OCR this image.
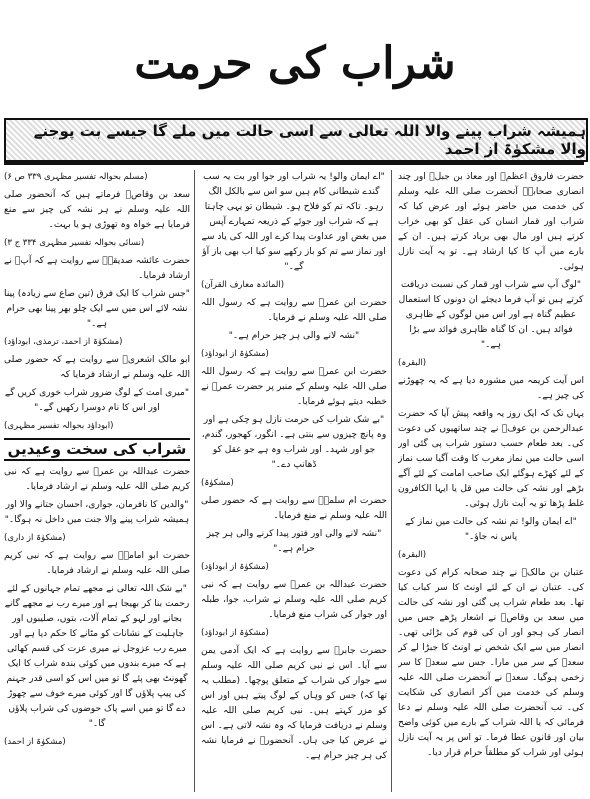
شراب کی حرمت
ہمیشہ شراب پینے والا اللہ تعالی سے اسی حالت میں ملے گا جیسے بت پوجنے والا مشکوٰۃ از احمد

حضرت فاروق اعظمؓ اور معاذ بن جبلؓ اور چند انصاری صحابہؓ آنحضرت صلی اللہ علیہ وسلم کی خدمت میں حاضر ہوئے اور عرض کیا کہ شراب اور قمار انسان کی عقل کو بھی خراب کرتے ہیں اور مال بھی برباد کرتے ہیں۔ ان کے بارے میں آپ کا کیا ارشاد ہے۔ تو یہ آیت نازل ہوئی۔

"لوگ آپ سے شراب اور قمار کی نسبت دریافت کرتے ہیں تو آپ فرما دیجئے ان دونوں کا استعمال عظیم گناہ ہے اور اس میں لوگوں کے ظاہری فوائد ہیں۔ ان کا گناہ ظاہری فوائد سے بڑا ہے۔"

(البقرہ)

اس آیت کریمہ میں مشورہ دیا ہے کہ یہ چھوڑنے کی چیز ہے۔

یہاں تک کہ ایک روز یہ واقعہ پیش آیا کہ حضرت عبدالرحمن بن عوفؓ نے چند ساتھیوں کی دعوت کی۔ بعد طعام حسب دستور شراب پی گئی اور اسی حالت میں نماز مغرب کا وقت آگیا سب نماز کے لئے کھڑے ہوگئے ایک صاحب امامت کے لئے آگے بڑھے اور نشہ کی حالت میں قل یا ایہا الکافرون غلط پڑھا تو یہ آیت نازل ہوئی۔

"اے ایمان والو! تم نشہ کی حالت میں نماز کے پاس نہ جاؤ۔"

(البقرہ)

عتبان بن مالکؓ نے چند صحابہ کرام کی دعوت کی۔ عتبان نے ان کے لئے اونٹ کا سر کباب کیا تھا۔ بعد طعام شراب پی گئی اور نشہ کی حالت میں سعد بن وقاصؓ نے اشعار پڑھے جس میں انصار کی ہجو اور ان کی قوم کی بڑائی تھی۔ انصار میں سے ایک شخص نے اونٹ کا جبڑا لے کر سعدؓ کے سر میں مارا۔ جس سے سعدؓ کا سر زخمی ہوگیا۔ سعدؓ نے آنحضرت صلی اللہ علیہ وسلم کی خدمت میں آکر انصاری کی شکایت کی۔ تب آنحضرت صلی اللہ علیہ وسلم نے دعا فرمائی کہ یا اللہ شراب کے بارے میں کوئی واضح بیان اور قانون عطا فرما۔ تو اس پر یہ آیت نازل ہوئی اور شراب کو مطلقاً حرام قرار دیا۔

"اے ایمان والو! یہ شراب اور جوا اور بت یہ سب گندے شیطانی کام ہیں سو اس سے بالکل الگ رہو۔ تاکہ تم کو فلاح ہو۔ شیطان تو یہی چاہتا ہے کہ شراب اور جوئے کے ذریعہ تمہارے آپس میں بغض اور عداوت پیدا کرے اور اللہ کی یاد سے اور نماز سے تم کو باز رکھے سو کیا اب بھی باز آؤ گے۔"

(المائدہ معارف القرآن)

حضرت ابن عمرؓ سے روایت ہے کہ رسول اللہ صلی اللہ علیہ وسلم نے فرمایا۔

"نشہ لانے والی ہر چیز حرام ہے۔"

(مشکوٰۃ از ابوداؤد)

حضرت ابن عمرؓ سے روایت ہے کہ رسول اللہ صلی اللہ علیہ وسلم کے منبر پر حضرت عمرؓ نے خطبہ دیتے ہوئے فرمایا۔

"بے شک شراب کی حرمت نازل ہو چکی ہے اور وہ پانچ چیزوں سے بنتی ہے۔ انگور، کھجور، گندم، جو اور شہد۔ اور شراب وہ ہے جو عقل کو ڈھانپ دے۔"

(مشکوٰۃ)

حضرت ام سلمہؓ سے روایت ہے کہ حضور صلی اللہ علیہ وسلم نے منع فرمایا۔

"نشہ لانے والی اور فتور پیدا کرنے والی ہر چیز حرام ہے۔"

(مشکوٰۃ از ابوداؤد)

حضرت عبداللہ بن عمرؓ سے روایت ہے کہ نبی کریم صلی اللہ علیہ وسلم نے شراب، جوا، طبلہ اور جوار کی شراب منع فرمایا۔

(مشکوٰۃ از ابوداؤد)

حضرت جابرؓ سے روایت ہے کہ ایک آدمی یمن سے آیا۔ اس نے نبی کریم صلی اللہ علیہ وسلم سے جوار کی شراب کے متعلق پوچھا۔ (مطلب یہ تھا کہ) جس کو وہاں کے لوگ پیتے ہیں اور اس کو مزر کہتے ہیں۔ نبی کریم صلی اللہ علیہ وسلم نے دریافت فرمایا کہ وہ نشہ لاتی ہے۔ اس نے عرض کیا جی ہاں۔ آنحضورؐ نے فرمایا نشہ کی ہر چیز حرام ہے۔

(مسلم بحوالہ تفسیر مظہری ۳۳۹ ص ۶)

سعد بن وقاصؓ فرماتے ہیں کہ آنحضور صلی اللہ علیہ وسلم نے ہر نشہ کی چیز سے منع فرمایا ہے خواہ وہ تھوڑی ہو یا بہت۔

(نسائی بحوالہ تفسیر مظہری ۳۳۴ ج ۳)

حضرت عائشہ صدیقہؓ سے روایت ہے کہ آپؐ نے ارشاد فرمایا۔

"جس شراب کا ایک فرق (تین صاع سے زیادہ) پینا نشہ لائے اس میں سے ایک چلو بھر پینا بھی حرام ہے۔"

(مشکوٰۃ از احمد، ترمذی، ابوداؤد)

ابو مالک اشعریؓ سے روایت ہے کہ حضور صلی اللہ علیہ وسلم نے ارشاد فرمایا کہ

"میری امت کے لوگ ضرور شراب خوری کریں گے اور اس کا نام دوسرا رکھیں گے۔"

(ابوداؤد بحوالہ تفسیر مظہری)

شراب کی سخت وعیدیں

حضرت عبداللہ بن عمرؓ سے روایت ہے کہ نبی کریم صلی اللہ علیہ وسلم نے ارشاد فرمایا۔

"والدین کا نافرمان، جواری، احسان جتانے والا اور ہمیشہ شراب پینے والا جنت میں داخل نہ ہوگا۔"

(مشکوٰۃ از داری)

حضرت ابو امامہؓ سے روایت ہے کہ نبی کریم صلی اللہ علیہ وسلم نے ارشاد فرمایا۔

"بے شک اللہ تعالی نے مجھے تمام جہانوں کے لئے رحمت بنا کر بھیجا ہے اور میرے رب نے مجھے گانے بجانے اور لہو کے تمام آلات، بتوں، صلیبوں اور جاہلیت کے نشانات کو مٹانے کا حکم دیا ہے اور میرے رب عزوجل نے میری عزت کی قسم کھائی ہے کہ میرے بندوں میں کوئی بندہ شراب کا ایک گھونٹ بھی پئے گا تو میں اس کو اسی قدر جہنم کی پیپ پلاؤں گا اور کوئی میرے خوف سے چھوڑ دے گا تو میں اسے پاک حوضوں کی شراب پلاؤں گا۔"

(مشکوٰۃ از احمد)
